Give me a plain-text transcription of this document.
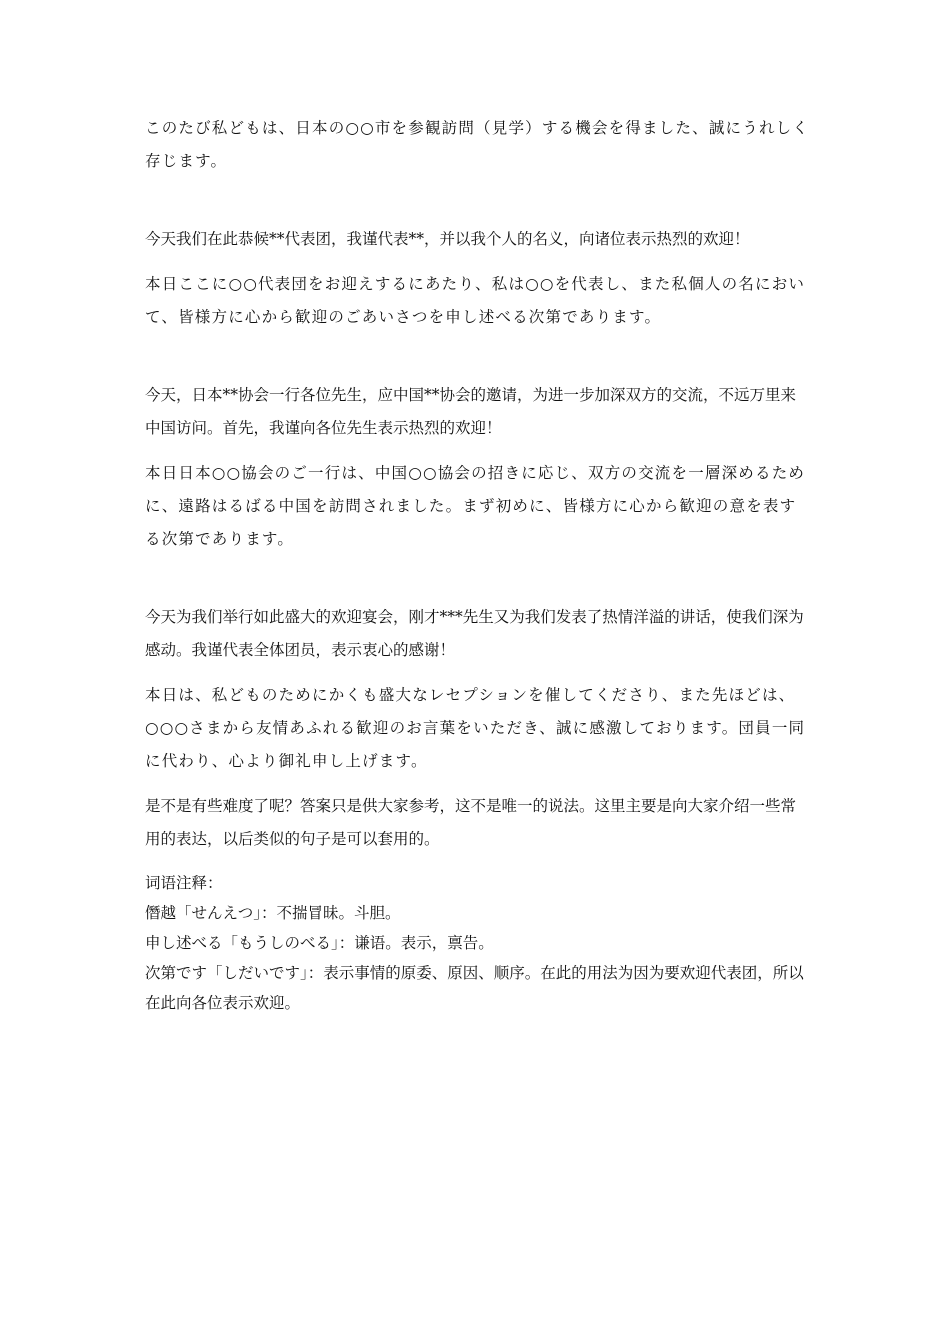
このたび私どもは、日本の○○市を参観訪問（見学）する機会を得ました、誠にうれしく存じます。

今天我们在此恭候**代表团，我谨代表**，并以我个人的名义，向诸位表示热烈的欢迎！

本日ここに○○代表団をお迎えするにあたり、私は○○を代表し、また私個人の名において、皆様方に心から歓迎のごあいさつを申し述べる次第であります。

今天，日本**协会一行各位先生，应中国**协会的邀请，为进一步加深双方的交流，不远万里来中国访问。首先，我谨向各位先生表示热烈的欢迎！

本日日本○○協会のご一行は、中国○○協会の招きに応じ、双方の交流を一層深めるために、遠路はるばる中国を訪問されました。まず初めに、皆様方に心から歓迎の意を表する次第であります。

今天为我们举行如此盛大的欢迎宴会，刚才***先生又为我们发表了热情洋溢的讲话，使我们深为感动。我谨代表全体团员，表示衷心的感谢！

本日は、私どものためにかくも盛大なレセプションを催してくださり、また先ほどは、○○○さまから友情あふれる歓迎のお言葉をいただき、誠に感激しております。団員一同に代わり、心より御礼申し上げます。

是不是有些难度了呢？答案只是供大家参考，这不是唯一的说法。这里主要是向大家介绍一些常用的表达，以后类似的句子是可以套用的。

词语注释：

僭越「せんえつ」：不揣冒昧。斗胆。

申し述べる「もうしのべる」：谦语。表示，禀告。

次第です「しだいです」：表示事情的原委、原因、顺序。在此的用法为因为要欢迎代表团，所以在此向各位表示欢迎。
